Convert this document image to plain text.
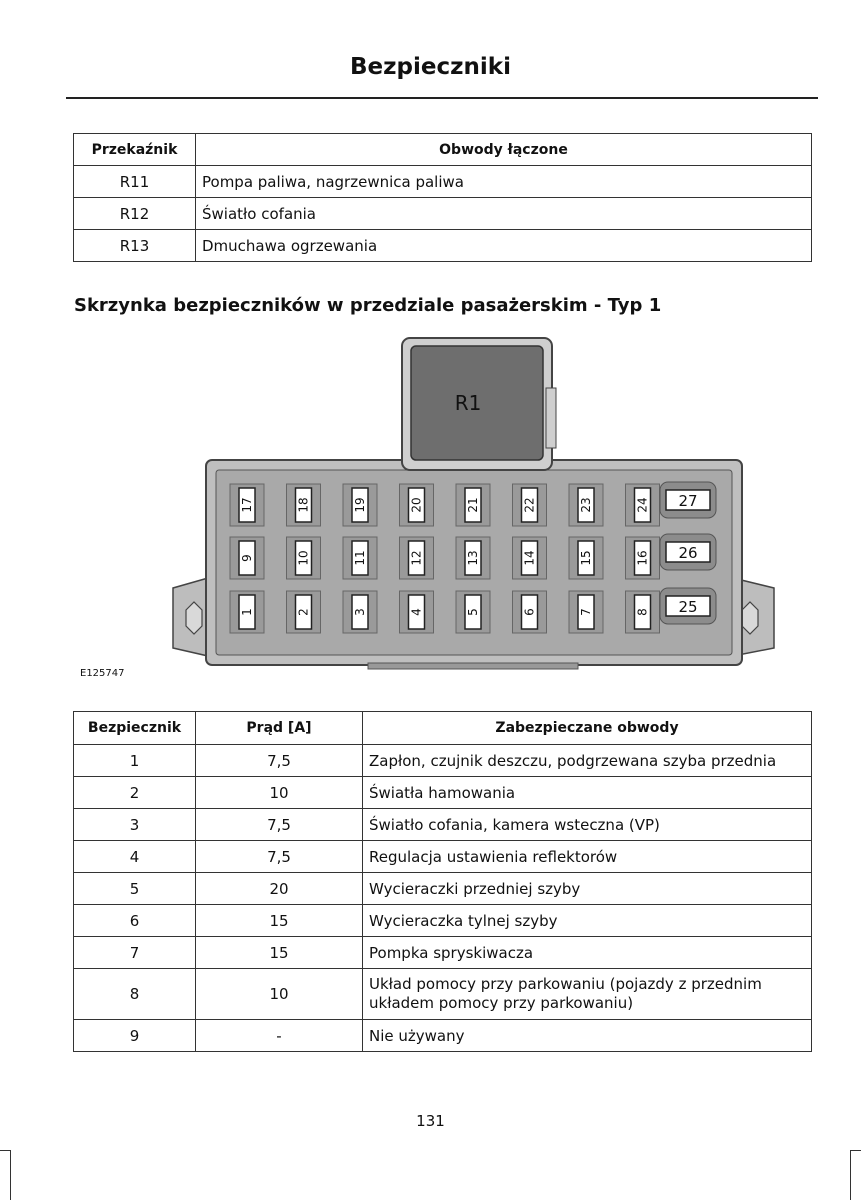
Bezpieczniki
Przekaźnik	Obwody łączone
R11	Pompa paliwa, nagrzewnica paliwa
R12	Światło cofania
R13	Dmuchawa ogrzewania
Skrzynka bezpieczników w przedziale pasażerskim - Typ 1
R1
17	18	19	20	21	22	23	24
9	10	11	12	13	14	15	16
1	2	3	4	5	6	7	8
27
26
25
E125747
Bezpiecznik	Prąd [A]	Zabezpieczane obwody
1	7,5	Zapłon, czujnik deszczu, podgrzewana szyba przednia
2	10	Światła hamowania
3	7,5	Światło cofania, kamera wsteczna (VP)
4	7,5	Regulacja ustawienia reflektorów
5	20	Wycieraczki przedniej szyby
6	15	Wycieraczka tylnej szyby
7	15	Pompka spryskiwacza
8	10	Układ pomocy przy parkowaniu (pojazdy z przednim układem pomocy przy parkowaniu)
9	-	Nie używany
131
